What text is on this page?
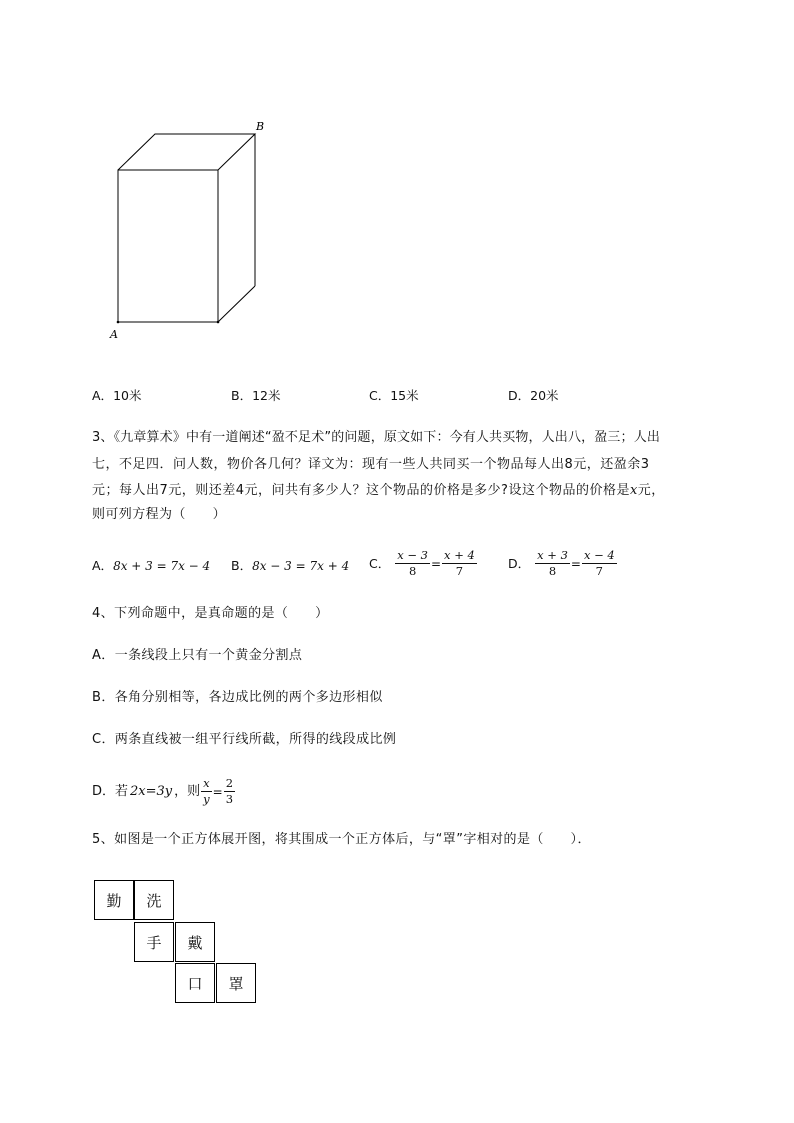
A
B
A．10米	B．12米	C．15米	D．20米
3、《九章算术》中有一道阐述“盈不足术”的问题，原文如下：今有人共买物，人出八，盈三；人出
七，不足四．问人数，物价各几何？译文为：现有一些人共同买一个物品每人出8元，还盈余3
元；每人出7元，则还差4元，问共有多少人？这个物品的价格是多少?设这个物品的价格是x元，
则可列方程为（　　）
A．8x + 3 = 7x − 4 B．8x − 3 = 7x + 4 C． $\frac{x - 3}{8} = \frac{x + 4}{7}$ D． $\frac{x + 3}{8} = \frac{x - 4}{7}$
4、下列命题中，是真命题的是（　　）
A．一条线段上只有一个黄金分割点
B．各角分别相等，各边成比例的两个多边形相似
C．两条直线被一组平行线所截，所得的线段成比例
D．若 2x=3y ，则 $\frac{x}{y} = \frac{2}{3}$
5、如图是一个正方体展开图，将其围成一个正方体后，与“罩”字相对的是（　　）．
勤	洗
手	戴
口	罩
